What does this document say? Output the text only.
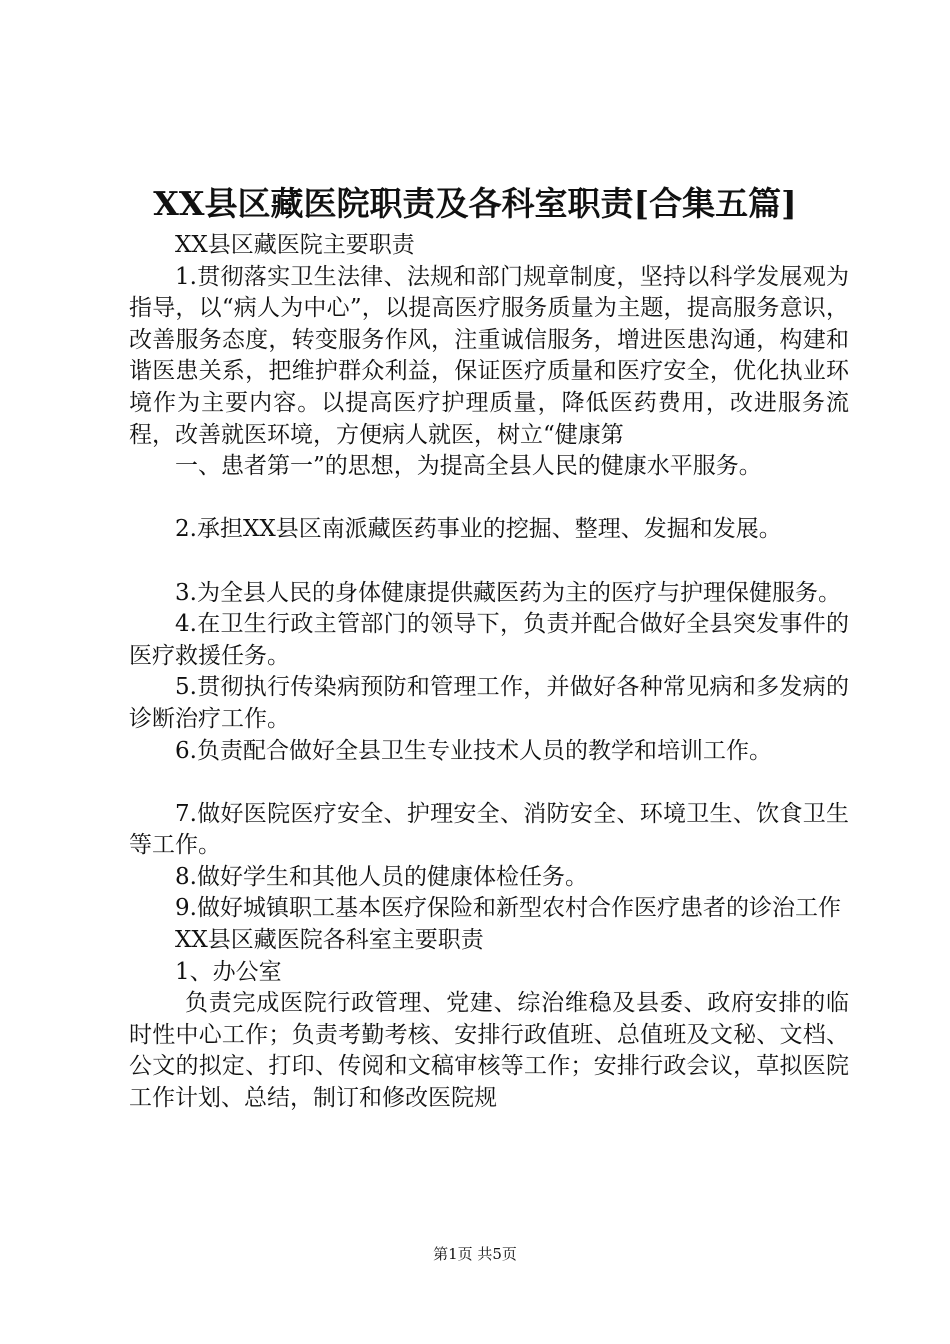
XX县区藏医院职责及各科室职责[合集五篇]

XX县区藏医院主要职责

1.贯彻落实卫生法律、法规和部门规章制度，坚持以科学发展观为指导，以“病人为中心”，以提高医疗服务质量为主题，提高服务意识，改善服务态度，转变服务作风，注重诚信服务，增进医患沟通，构建和谐医患关系，把维护群众利益，保证医疗质量和医疗安全，优化执业环境作为主要内容。以提高医疗护理质量，降低医药费用，改进服务流程，改善就医环境，方便病人就医，树立“健康第

一、患者第一”的思想，为提高全县人民的健康水平服务。

2.承担XX县区南派藏医药事业的挖掘、整理、发掘和发展。

3.为全县人民的身体健康提供藏医药为主的医疗与护理保健服务。

4.在卫生行政主管部门的领导下，负责并配合做好全县突发事件的医疗救援任务。

5.贯彻执行传染病预防和管理工作，并做好各种常见病和多发病的诊断治疗工作。

6.负责配合做好全县卫生专业技术人员的教学和培训工作。

7.做好医院医疗安全、护理安全、消防安全、环境卫生、饮食卫生等工作。

8.做好学生和其他人员的健康体检任务。

9.做好城镇职工基本医疗保险和新型农村合作医疗患者的诊治工作

XX县区藏医院各科室主要职责

1、办公室

负责完成医院行政管理、党建、综治维稳及县委、政府安排的临时性中心工作；负责考勤考核、安排行政值班、总值班及文秘、文档、公文的拟定、打印、传阅和文稿审核等工作；安排行政会议，草拟医院工作计划、总结，制订和修改医院规

第1页 共5页
